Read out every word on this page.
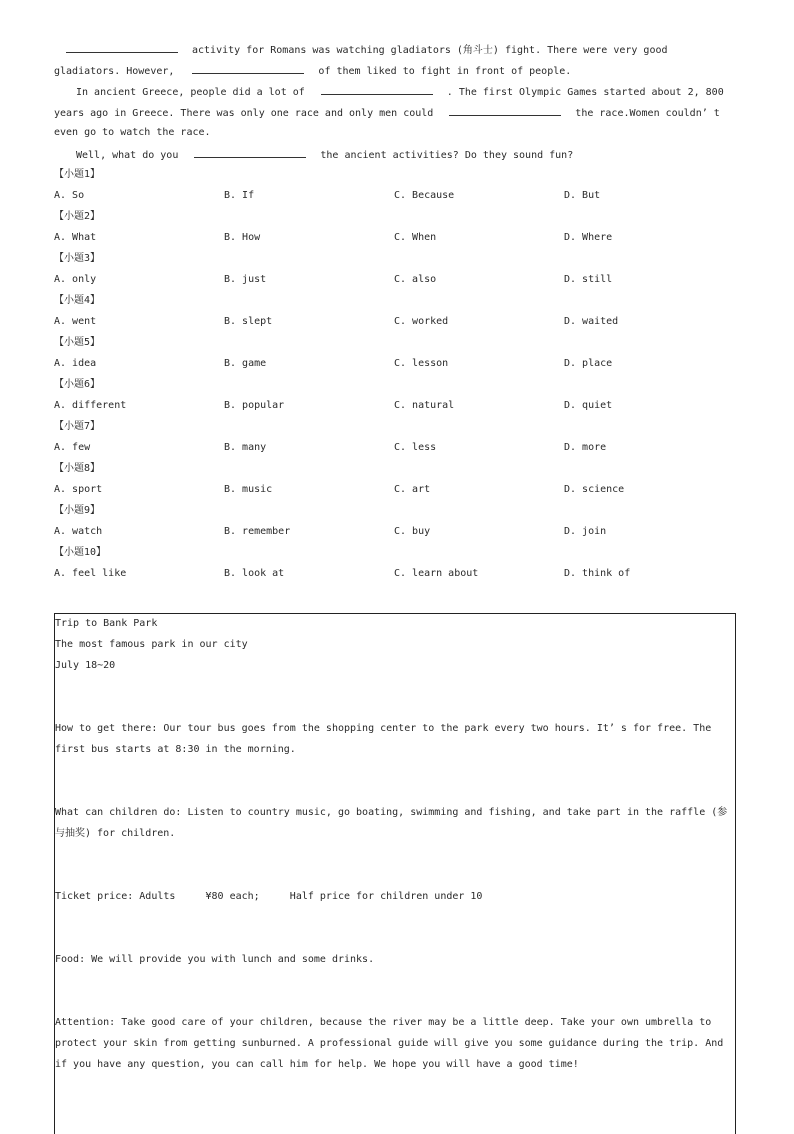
activity for Romans was watching gladiators (角斗士) fight. There were very good
gladiators. However,	of them liked to fight in front of people.
In ancient Greece, people did a lot of	. The first Olympic Games started about 2, 800
years ago in Greece. There was only one race and only men could	the race.Women couldn’ t
even go to watch the race.
Well, what do you	the ancient activities? Do they sound fun?
【小题1】
A. So	B. If	C. Because	D. But
【小题2】
A. What	B. How	C. When	D. Where
【小题3】
A. only	B. just	C. also	D. still
【小题4】
A. went	B. slept	C. worked	D. waited
【小题5】
A. idea	B. game	C. lesson	D. place
【小题6】
A. different	B. popular	C. natural	D. quiet
【小题7】
A. few	B. many	C. less	D. more
【小题8】
A. sport	B. music	C. art	D. science
【小题9】
A. watch	B. remember	C. buy	D. join
【小题10】
A. feel like	B. look at	C. learn about	D. think of
Trip to Bank Park
The most famous park in our city
July 18~20
How to get there: Our tour bus goes from the shopping center to the park every two hours. It’ s for free. The
first bus starts at 8:30 in the morning.
What can children do: Listen to country music, go boating, swimming and fishing, and take part in the raffle (参
与抽奖) for children.
Ticket price: Adults     ¥80 each;     Half price for children under 10
Food: We will provide you with lunch and some drinks.
Attention: Take good care of your children, because the river may be a little deep. Take your own umbrella to
protect your skin from getting sunburned. A professional guide will give you some guidance during the trip. And
if you have any question, you can call him for help. We hope you will have a good time!
